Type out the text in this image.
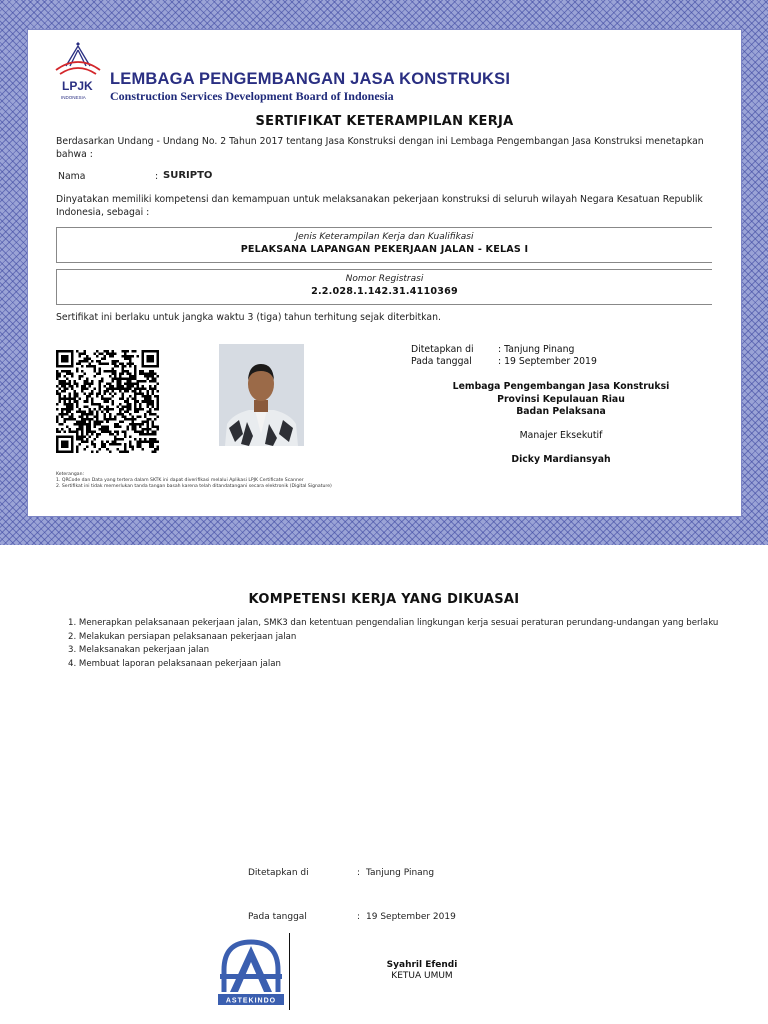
LPJK
INDONESIA
LEMBAGA PENGEMBANGAN JASA KONSTRUKSI
Construction Services Development Board of Indonesia
SERTIFIKAT KETERAMPILAN KERJA
Berdasarkan Undang - Undang No. 2 Tahun 2017 tentang Jasa Konstruksi dengan ini Lembaga Pengembangan Jasa Konstruksi menetapkan bahwa :
Nama	: SURIPTO
Dinyatakan memiliki kompetensi dan kemampuan untuk melaksanakan pekerjaan konstruksi di seluruh wilayah Negara Kesatuan Republik Indonesia, sebagai :
Jenis Keterampilan Kerja dan Kualifikasi
PELAKSANA LAPANGAN PEKERJAAN JALAN - KELAS I
Nomor Registrasi
2.2.028.1.142.31.4110369
Sertifikat ini berlaku untuk jangka waktu 3 (tiga) tahun terhitung sejak diterbitkan.
Ditetapkan di	: Tanjung Pinang
Pada tanggal	: 19 September 2019
Lembaga Pengembangan Jasa Konstruksi
Provinsi Kepulauan Riau
Badan Pelaksana
Manajer Eksekutif
Dicky Mardiansyah
Keterangan:
1. QRCode dan Data yang tertera dalam SKTK ini dapat diverifikasi melalui Aplikasi LPJK Certificate Scanner
2. Sertifikat ini tidak memerlukan tanda tangan basah karena telah ditandatangani secara elektronik (Digital Signature)
KOMPETENSI KERJA YANG DIKUASAI
1. Menerapkan pelaksanaan pekerjaan jalan, SMK3 dan ketentuan pengendalian lingkungan kerja sesuai peraturan perundang-undangan yang berlaku
2. Melakukan persiapan pelaksanaan pekerjaan jalan
3. Melaksanakan pekerjaan jalan
4. Membuat laporan pelaksanaan pekerjaan jalan
Ditetapkan di	: Tanjung Pinang
Pada tanggal	: 19 September 2019
ASTEKINDO
Syahril Efendi
KETUA UMUM
